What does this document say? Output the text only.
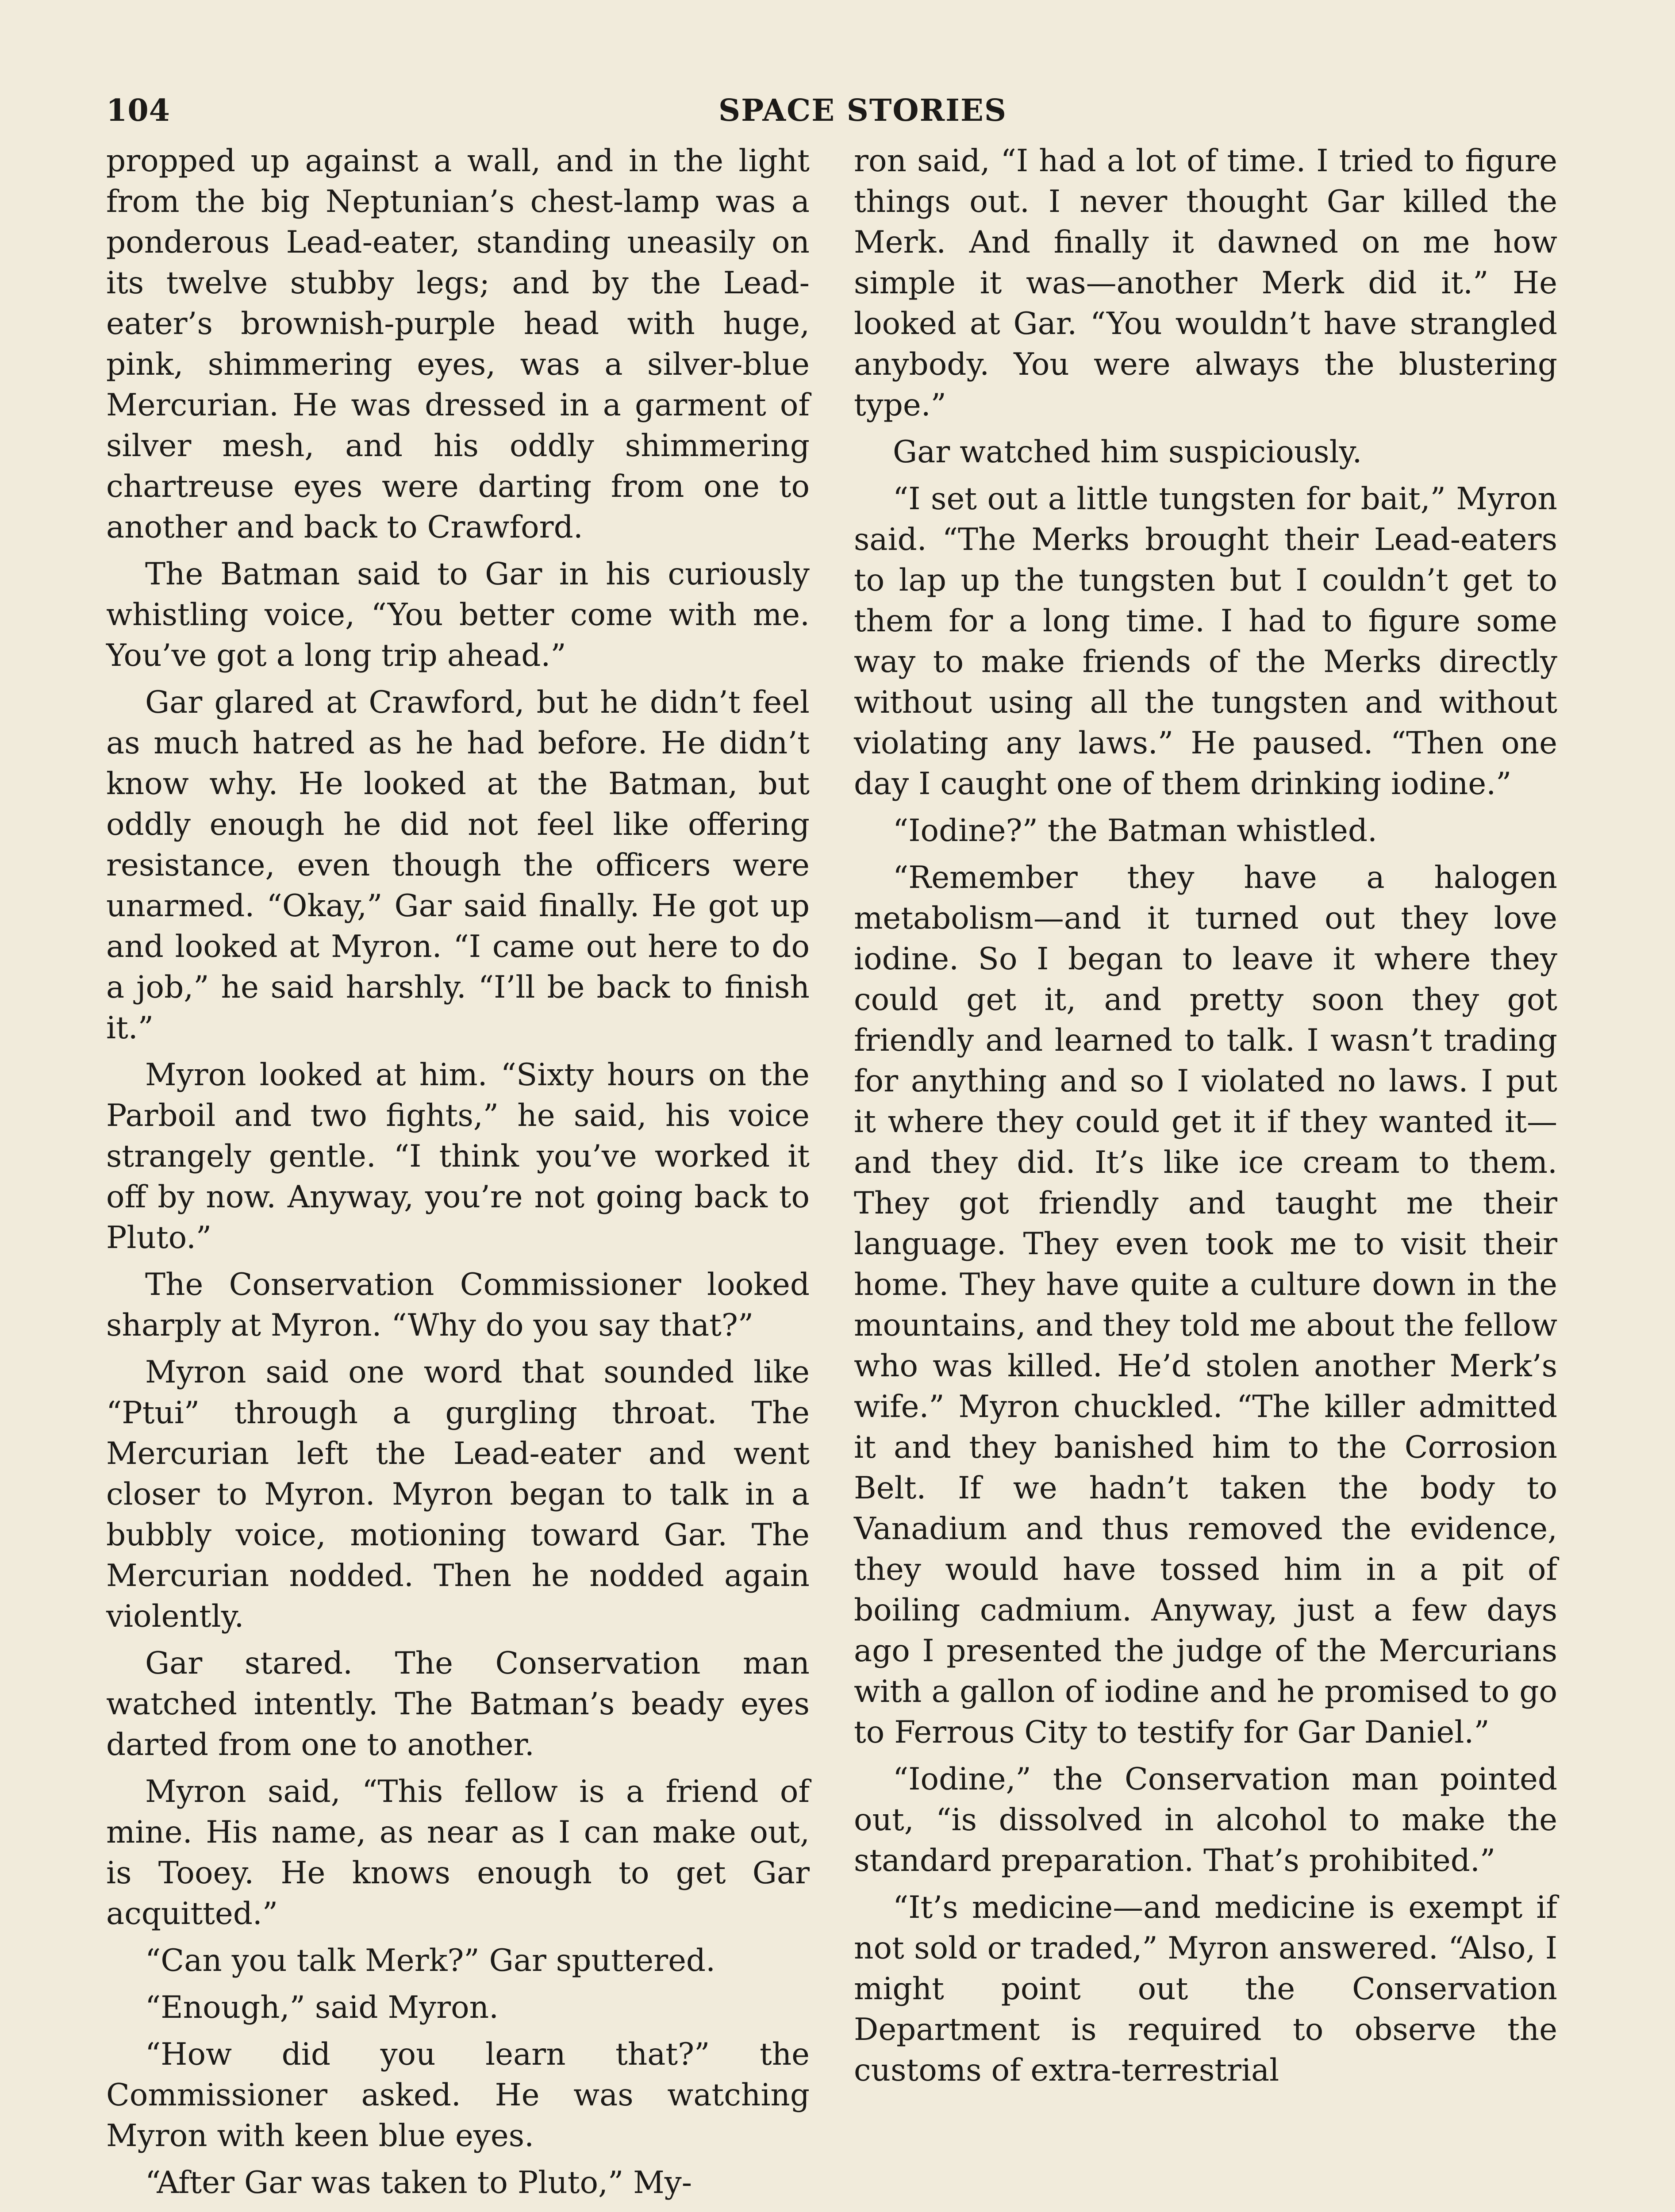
104	SPACE STORIES

propped up against a wall, and in the light from the big Neptunian’s chest-lamp was a ponderous Lead-eater, standing uneasily on its twelve stubby legs; and by the Lead-eater’s brownish-purple head with huge, pink, shimmering eyes, was a silver-blue Mercurian. He was dressed in a garment of silver mesh, and his oddly shimmering chartreuse eyes were darting from one to another and back to Crawford.

The Batman said to Gar in his curiously whistling voice, “You better come with me. You’ve got a long trip ahead.”

Gar glared at Crawford, but he didn’t feel as much hatred as he had before. He didn’t know why. He looked at the Batman, but oddly enough he did not feel like offering resistance, even though the officers were unarmed. “Okay,” Gar said finally. He got up and looked at Myron. “I came out here to do a job,” he said harshly. “I’ll be back to finish it.”

Myron looked at him. “Sixty hours on the Parboil and two fights,” he said, his voice strangely gentle. “I think you’ve worked it off by now. Anyway, you’re not going back to Pluto.”

The Conservation Commissioner looked sharply at Myron. “Why do you say that?”

Myron said one word that sounded like “Ptui” through a gurgling throat. The Mercurian left the Lead-eater and went closer to Myron. Myron began to talk in a bubbly voice, motioning toward Gar. The Mercurian nodded. Then he nodded again violently.

Gar stared. The Conservation man watched intently. The Batman’s beady eyes darted from one to another.

Myron said, “This fellow is a friend of mine. His name, as near as I can make out, is Tooey. He knows enough to get Gar acquitted.”

“Can you talk Merk?” Gar sputtered.

“Enough,” said Myron.

“How did you learn that?” the Commissioner asked. He was watching Myron with keen blue eyes.

“After Gar was taken to Pluto,” My-

ron said, “I had a lot of time. I tried to figure things out. I never thought Gar killed the Merk. And finally it dawned on me how simple it was—another Merk did it.” He looked at Gar. “You wouldn’t have strangled anybody. You were always the blustering type.”

Gar watched him suspiciously.

“I set out a little tungsten for bait,” Myron said. “The Merks brought their Lead-eaters to lap up the tungsten but I couldn’t get to them for a long time. I had to figure some way to make friends of the Merks directly without using all the tungsten and without violating any laws.” He paused. “Then one day I caught one of them drinking iodine.”

“Iodine?” the Batman whistled.

“Remember they have a halogen metabolism—and it turned out they love iodine. So I began to leave it where they could get it, and pretty soon they got friendly and learned to talk. I wasn’t trading for anything and so I violated no laws. I put it where they could get it if they wanted it—and they did. It’s like ice cream to them. They got friendly and taught me their language. They even took me to visit their home. They have quite a culture down in the mountains, and they told me about the fellow who was killed. He’d stolen another Merk’s wife.” Myron chuckled. “The killer admitted it and they banished him to the Corrosion Belt. If we hadn’t taken the body to Vanadium and thus removed the evidence, they would have tossed him in a pit of boiling cadmium. Anyway, just a few days ago I presented the judge of the Mercurians with a gallon of iodine and he promised to go to Ferrous City to testify for Gar Daniel.”

“Iodine,” the Conservation man pointed out, “is dissolved in alcohol to make the standard preparation. That’s prohibited.”

“It’s medicine—and medicine is exempt if not sold or traded,” Myron answered. “Also, I might point out the Conservation Department is required to observe the customs of extra-terrestrial
